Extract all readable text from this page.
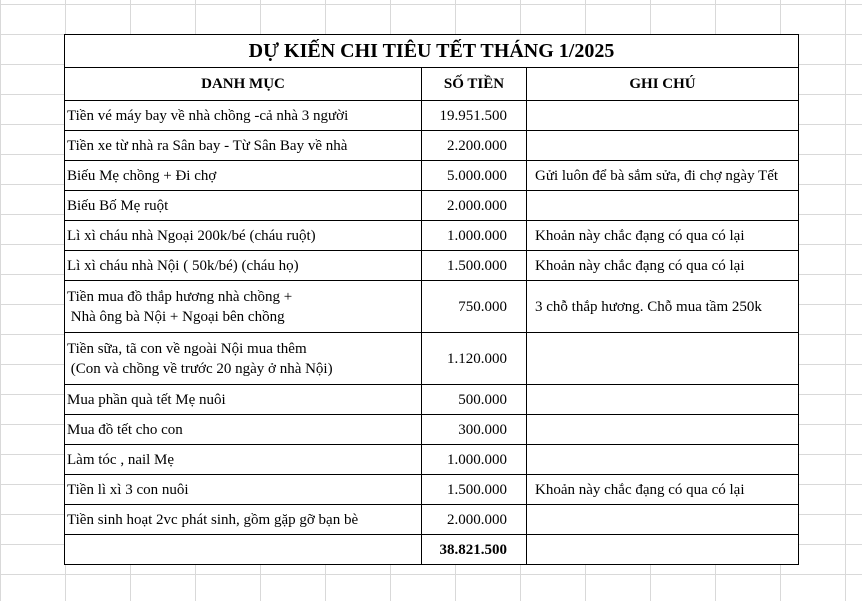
DỰ KIẾN CHI TIÊU TẾT THÁNG 1/2025		
DANH MỤC	SỐ TIỀN	GHI CHÚ

Tiền vé máy bay về nhà chồng -cả nhà 3 người	19.951.500	

Tiền xe từ nhà ra Sân bay - Từ Sân Bay về nhà	2.200.000	

Biếu Mẹ chồng + Đi chợ	5.000.000	Gửi luôn để bà sắm sửa, đi chợ ngày Tết

Biếu Bố Mẹ ruột	2.000.000	

Lì xì cháu nhà Ngoại 200k/bé (cháu ruột)	1.000.000	Khoản này chắc đạng có qua có lại

Lì xì cháu nhà Nội ( 50k/bé) (cháu họ)	1.500.000	Khoản này chắc đạng có qua có lại

Tiền mua đồ thắp hương nhà chồng +
Nhà ông bà Nội + Ngoại bên chồng	750.000	3 chỗ thắp hương. Chỗ mua tầm 250k

Tiền sữa, tã con về ngoài Nội mua thêm
(Con và chồng về trước 20 ngày ở nhà Nội)	1.120.000	

Mua phần quà tết Mẹ nuôi	500.000	

Mua đồ tết cho con	300.000	

Làm tóc , nail Mẹ	1.000.000	

Tiền lì xì 3 con nuôi	1.500.000	Khoản này chắc đạng có qua có lại

Tiền sinh hoạt 2vc phát sinh, gồm gặp gỡ bạn bè	2.000.000	
	38.821.500	
